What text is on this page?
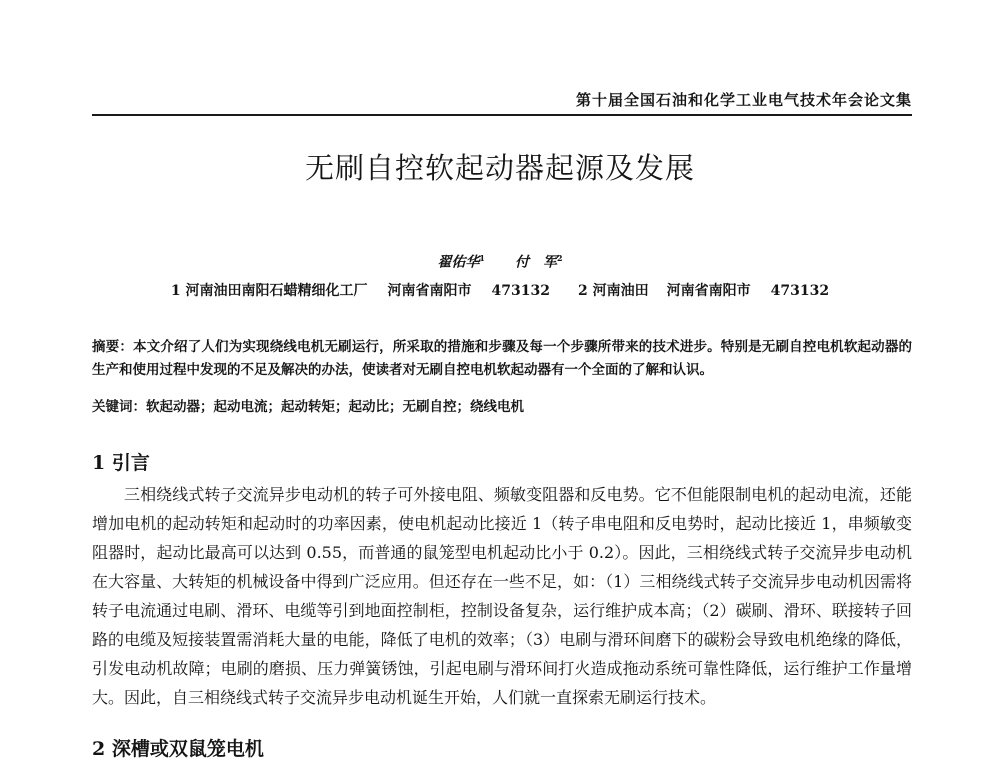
第十届全国石油和化学工业电气技术年会论文集
无刷自控软起动器起源及发展
翟佑华$^1$ 付　军$^2$
1 河南油田南阳石蜡精细化工厂 河南省南阳市 473132 2 河南油田 河南省南阳市 473132
摘要：本文介绍了人们为实现绕线电机无刷运行，所采取的措施和步骤及每一个步骤所带来的技术进步。特别是无刷自控电机软起动器的生产和使用过程中发现的不足及解决的办法，使读者对无刷自控电机软起动器有一个全面的了解和认识。
关键词：软起动器；起动电流；起动转矩；起动比；无刷自控；绕线电机
1 引言

三相绕线式转子交流异步电动机的转子可外接电阻、频敏变阻器和反电势。它不但能限制电机的起动电流，还能增加电机的起动转矩和起动时的功率因素，使电机起动比接近 1（转子串电阻和反电势时，起动比接近 1，串频敏变阻器时，起动比最高可以达到 0.55，而普通的鼠笼型电机起动比小于 0.2）。因此，三相绕线式转子交流异步电动机在大容量、大转矩的机械设备中得到广泛应用。但还存在一些不足，如：（1）三相绕线式转子交流异步电动机因需将转子电流通过电刷、滑环、电缆等引到地面控制柜，控制设备复杂，运行维护成本高；（2）碳刷、滑环、联接转子回路的电缆及短接装置需消耗大量的电能，降低了电机的效率；（3）电刷与滑环间磨下的碳粉会导致电机绝缘的降低，引发电动机故障；电刷的磨损、压力弹簧锈蚀，引起电刷与滑环间打火造成拖动系统可靠性降低，运行维护工作量增大。因此，自三相绕线式转子交流异步电动机诞生开始，人们就一直探索无刷运行技术。

2 深槽或双鼠笼电机
